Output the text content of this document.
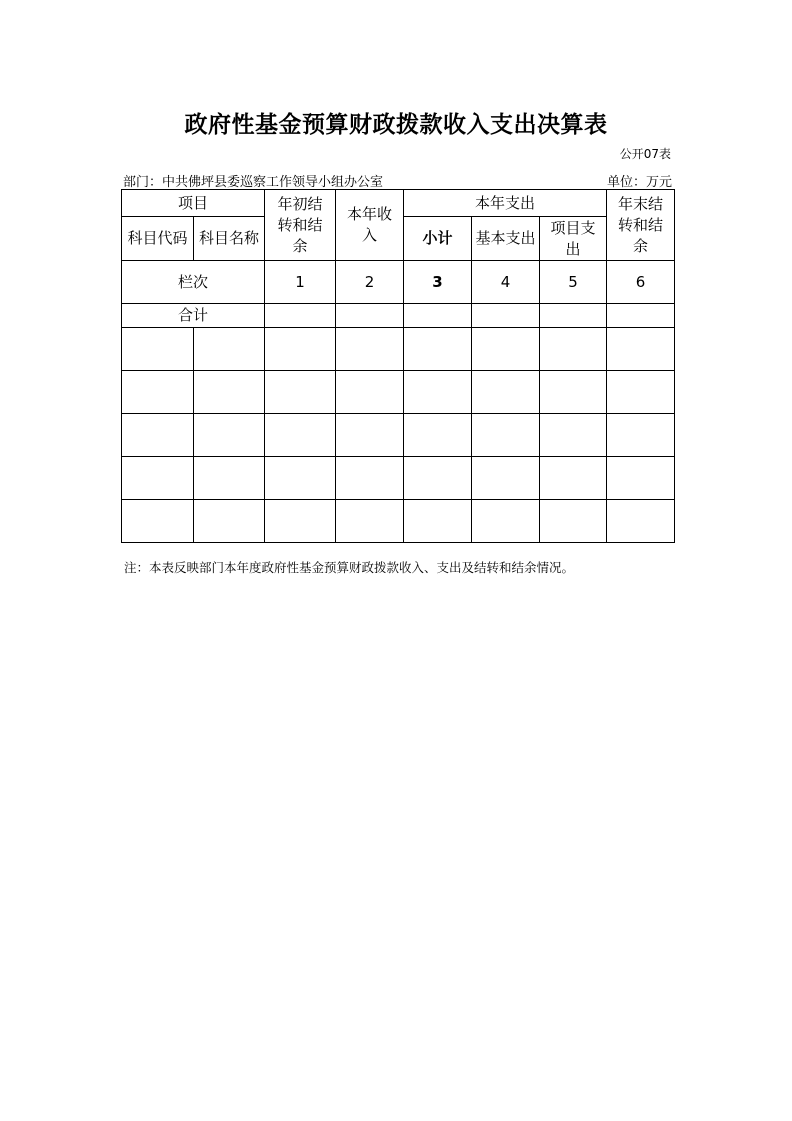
政府性基金预算财政拨款收入支出决算表
公开07表
部门：中共佛坪县委巡察工作领导小组办公室	单位：万元
项目		年初结转和结余	本年收入	本年支出			年末结转和结余

科目代码	科目名称			小计	基本支出	项目支出	

栏次		1	2	3	4	5	6
合计							

注：本表反映部门本年度政府性基金预算财政拨款收入、支出及结转和结余情况。
